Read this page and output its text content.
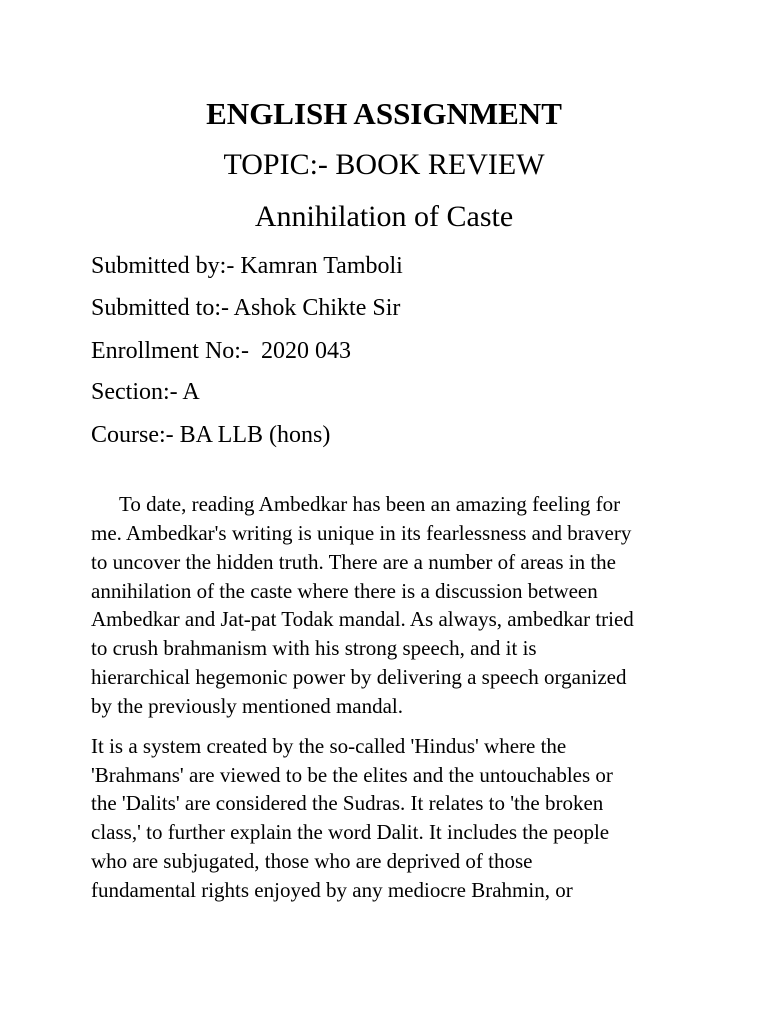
ENGLISH ASSIGNMENT
TOPIC:- BOOK REVIEW
Annihilation of Caste
Submitted by:- Kamran Tamboli
Submitted to:- Ashok Chikte Sir
Enrollment No:-  2020 043
Section:- A
Course:- BA LLB (hons)
To date, reading Ambedkar has been an amazing feeling for
me. Ambedkar's writing is unique in its fearlessness and bravery
to uncover the hidden truth. There are a number of areas in the
annihilation of the caste where there is a discussion between
Ambedkar and Jat-pat Todak mandal. As always, ambedkar tried
to crush brahmanism with his strong speech, and it is
hierarchical hegemonic power by delivering a speech organized
by the previously mentioned mandal.
It is a system created by the so-called 'Hindus' where the
'Brahmans' are viewed to be the elites and the untouchables or
the 'Dalits' are considered the Sudras. It relates to 'the broken
class,' to further explain the word Dalit. It includes the people
who are subjugated, those who are deprived of those
fundamental rights enjoyed by any mediocre Brahmin, or
